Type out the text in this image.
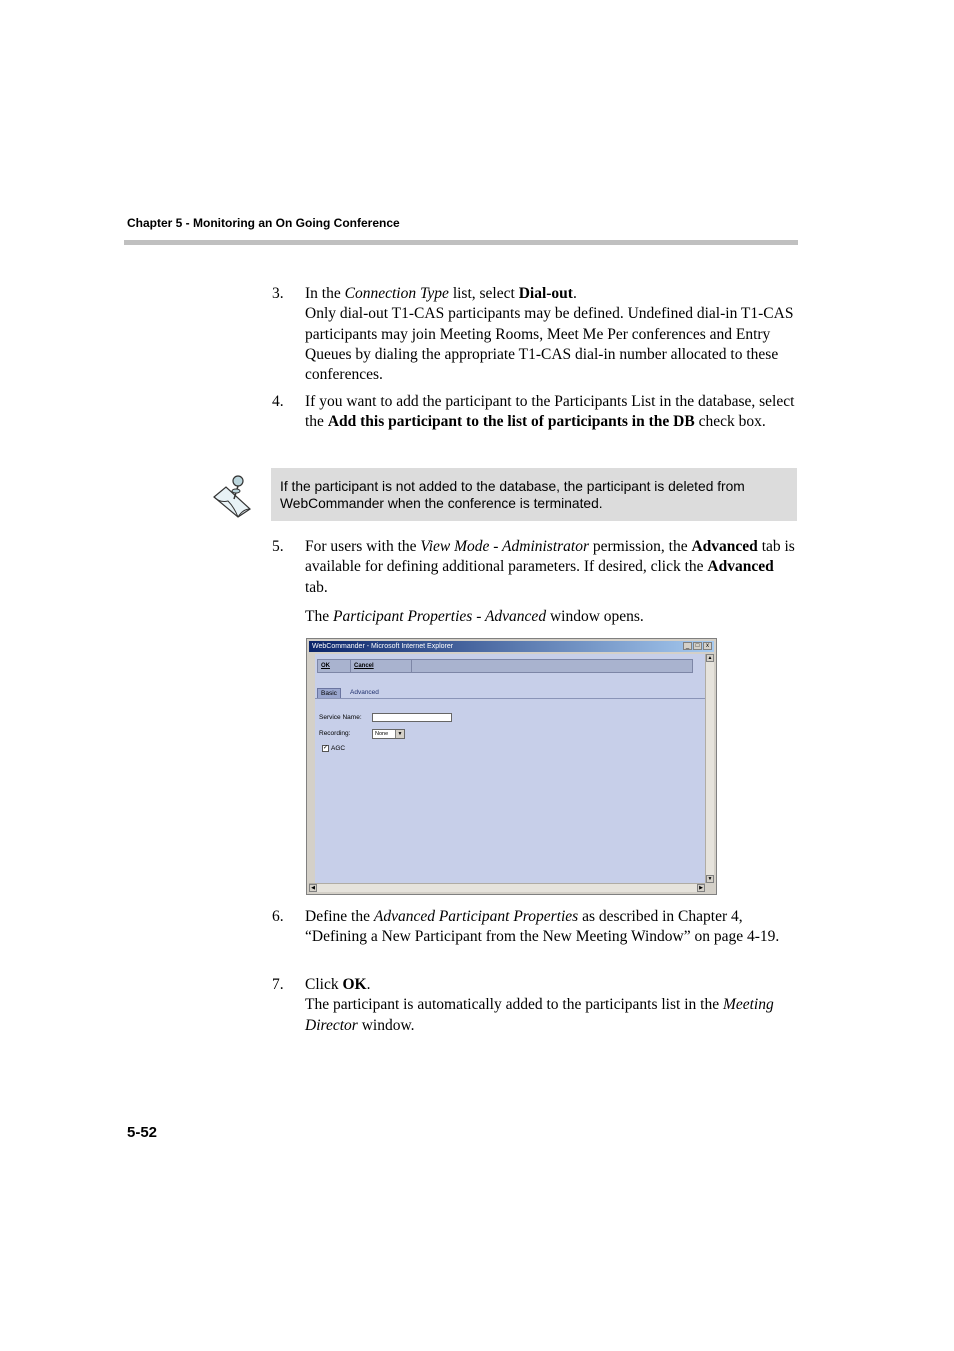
Chapter 5 - Monitoring an On Going Conference
3. In the Connection Type list, select Dial-out.

Only dial-out T1-CAS participants may be defined. Undefined dial-in T1-CAS participants may join Meeting Rooms, Meet Me Per conferences and Entry Queues by dialing the appropriate T1-CAS dial-in number allocated to these conferences.

4. If you want to add the participant to the Participants List in the database, select the Add this participant to the list of participants in the DB check box.

If the participant is not added to the database, the participant is deleted from WebCommander when the conference is terminated.
5. For users with the View Mode - Administrator permission, the Advanced tab is available for defining additional parameters. If desired, click the Advanced tab.

The Participant Properties - Advanced window opens.

WebCommander - Microsoft Internet Explorer	_	□	x
OK	Cancel
Basic	Advanced
Service Name:
Recording:	None	▼
✓ AGC
▲
▼
◀	▶
6. Define the Advanced Participant Properties as described in Chapter 4, “Defining a New Participant from the New Meeting Window” on page 4-19.

7. Click OK.

The participant is automatically added to the participants list in the Meeting Director window.

5-52
